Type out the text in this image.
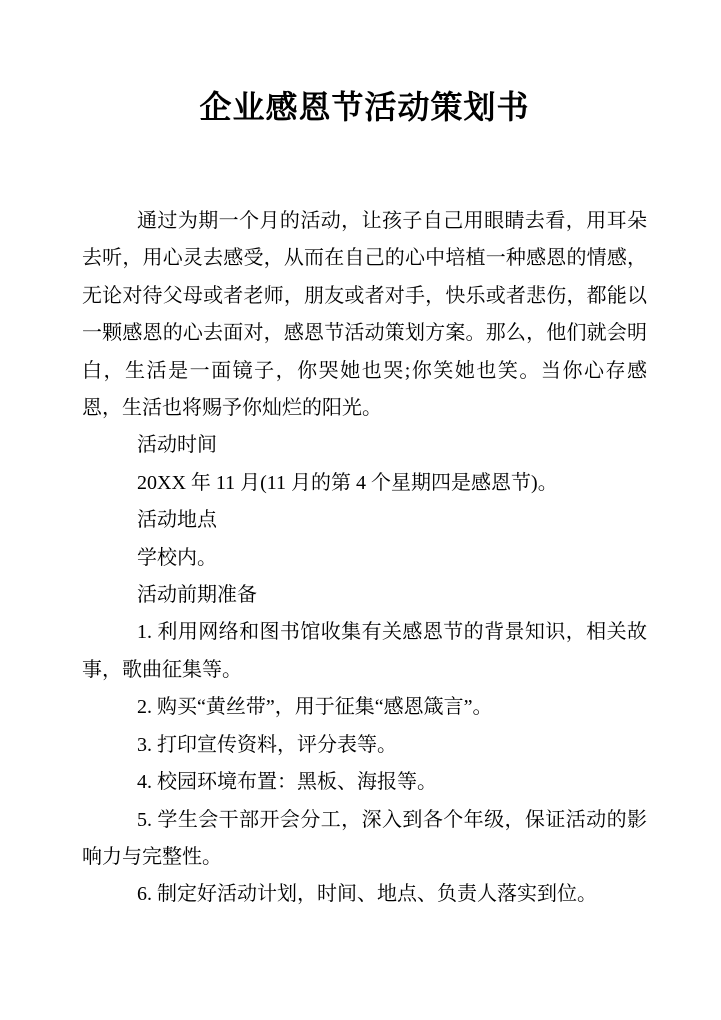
企业感恩节活动策划书

通过为期一个月的活动，让孩子自己用眼睛去看，用耳朵去听，用心灵去感受，从而在自己的心中培植一种感恩的情感，无论对待父母或者老师，朋友或者对手，快乐或者悲伤，都能以一颗感恩的心去面对，感恩节活动策划方案。那么，他们就会明白，生活是一面镜子，你哭她也哭;你笑她也笑。当你心存感恩，生活也将赐予你灿烂的阳光。

活动时间

20XX 年 11 月(11 月的第 4 个星期四是感恩节)。

活动地点

学校内。

活动前期准备

1. 利用网络和图书馆收集有关感恩节的背景知识，相关故事，歌曲征集等。

2. 购买“黄丝带”，用于征集“感恩箴言”。

3. 打印宣传资料，评分表等。

4. 校园环境布置：黑板、海报等。

5. 学生会干部开会分工，深入到各个年级，保证活动的影响力与完整性。

6. 制定好活动计划，时间、地点、负责人落实到位。
